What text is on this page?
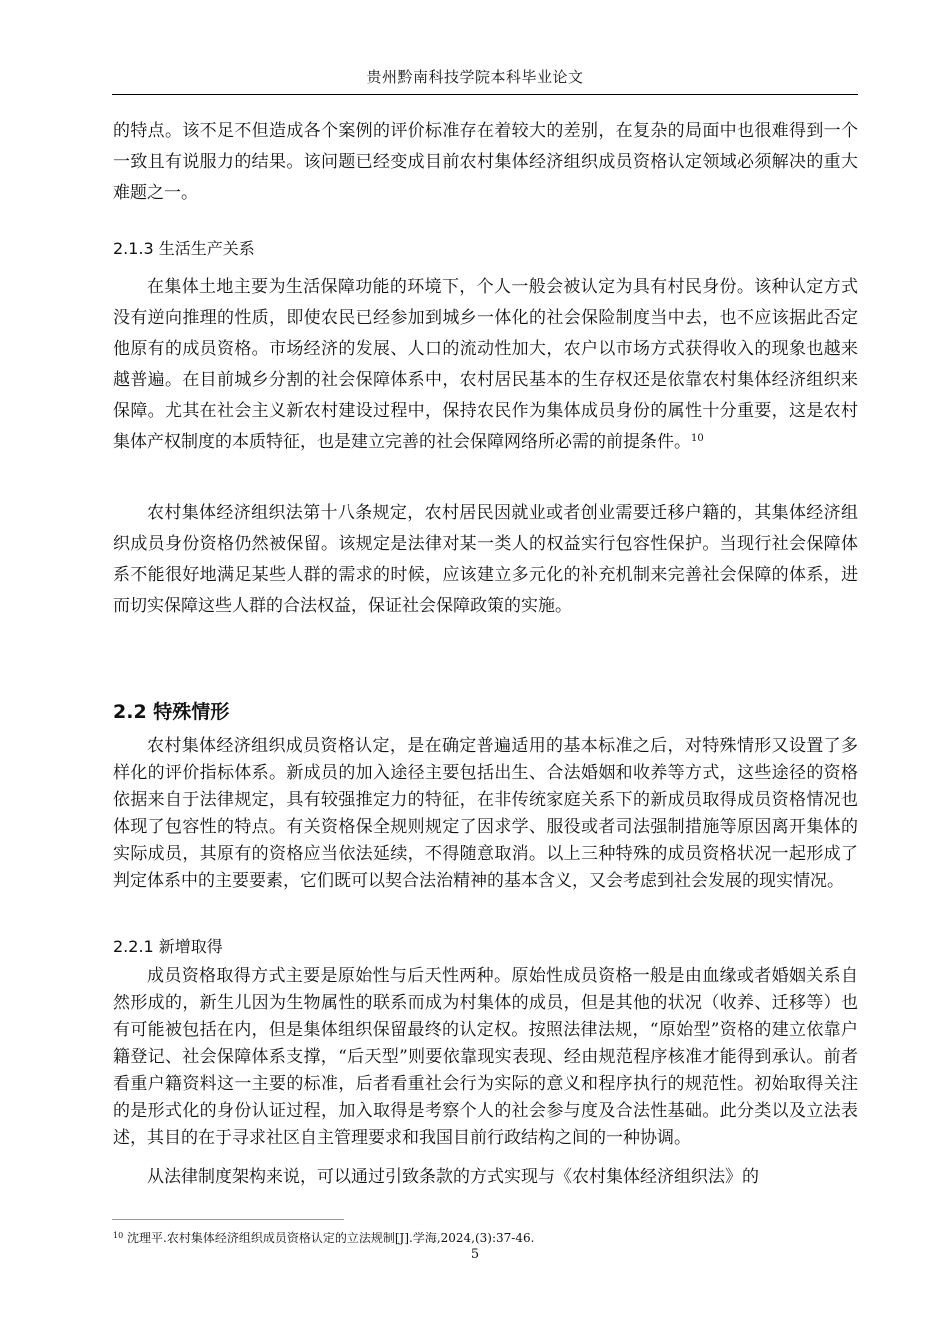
贵州黔南科技学院本科毕业论文

的特点。该不足不但造成各个案例的评价标准存在着较大的差别，在复杂的局面中也很难得到一个一致且有说服力的结果。该问题已经变成目前农村集体经济组织成员资格认定领域必须解决的重大难题之一。

2.1.3 生活生产关系

在集体土地主要为生活保障功能的环境下，个人一般会被认定为具有村民身份。该种认定方式没有逆向推理的性质，即使农民已经参加到城乡一体化的社会保险制度当中去，也不应该据此否定他原有的成员资格。市场经济的发展、人口的流动性加大，农户以市场方式获得收入的现象也越来越普遍。在目前城乡分割的社会保障体系中，农村居民基本的生存权还是依靠农村集体经济组织来保障。尤其在社会主义新农村建设过程中，保持农民作为集体成员身份的属性十分重要，这是农村集体产权制度的本质特征，也是建立完善的社会保障网络所必需的前提条件。$^{10}$

农村集体经济组织法第十八条规定，农村居民因就业或者创业需要迁移户籍的，其集体经济组织成员身份资格仍然被保留。该规定是法律对某一类人的权益实行包容性保护。当现行社会保障体系不能很好地满足某些人群的需求的时候，应该建立多元化的补充机制来完善社会保障的体系，进而切实保障这些人群的合法权益，保证社会保障政策的实施。

2.2 特殊情形

农村集体经济组织成员资格认定，是在确定普遍适用的基本标准之后，对特殊情形又设置了多样化的评价指标体系。新成员的加入途径主要包括出生、合法婚姻和收养等方式，这些途径的资格依据来自于法律规定，具有较强推定力的特征，在非传统家庭关系下的新成员取得成员资格情况也体现了包容性的特点。有关资格保全规则规定了因求学、服役或者司法强制措施等原因离开集体的实际成员，其原有的资格应当依法延续，不得随意取消。以上三种特殊的成员资格状况一起形成了判定体系中的主要要素，它们既可以契合法治精神的基本含义，又会考虑到社会发展的现实情况。

2.2.1 新增取得

成员资格取得方式主要是原始性与后天性两种。原始性成员资格一般是由血缘或者婚姻关系自然形成的，新生儿因为生物属性的联系而成为村集体的成员，但是其他的状况（收养、迁移等）也有可能被包括在内，但是集体组织保留最终的认定权。按照法律法规，“原始型”资格的建立依靠户籍登记、社会保障体系支撑，“后天型”则要依靠现实表现、经由规范程序核准才能得到承认。前者看重户籍资料这一主要的标准，后者看重社会行为实际的意义和程序执行的规范性。初始取得关注的是形式化的身份认证过程，加入取得是考察个人的社会参与度及合法性基础。此分类以及立法表述，其目的在于寻求社区自主管理要求和我国目前行政结构之间的一种协调。

从法律制度架构来说，可以通过引致条款的方式实现与《农村集体经济组织法》的

$^{10}$ 沈理平.农村集体经济组织成员资格认定的立法规制[J].学海,2024,(3):37-46.
5
